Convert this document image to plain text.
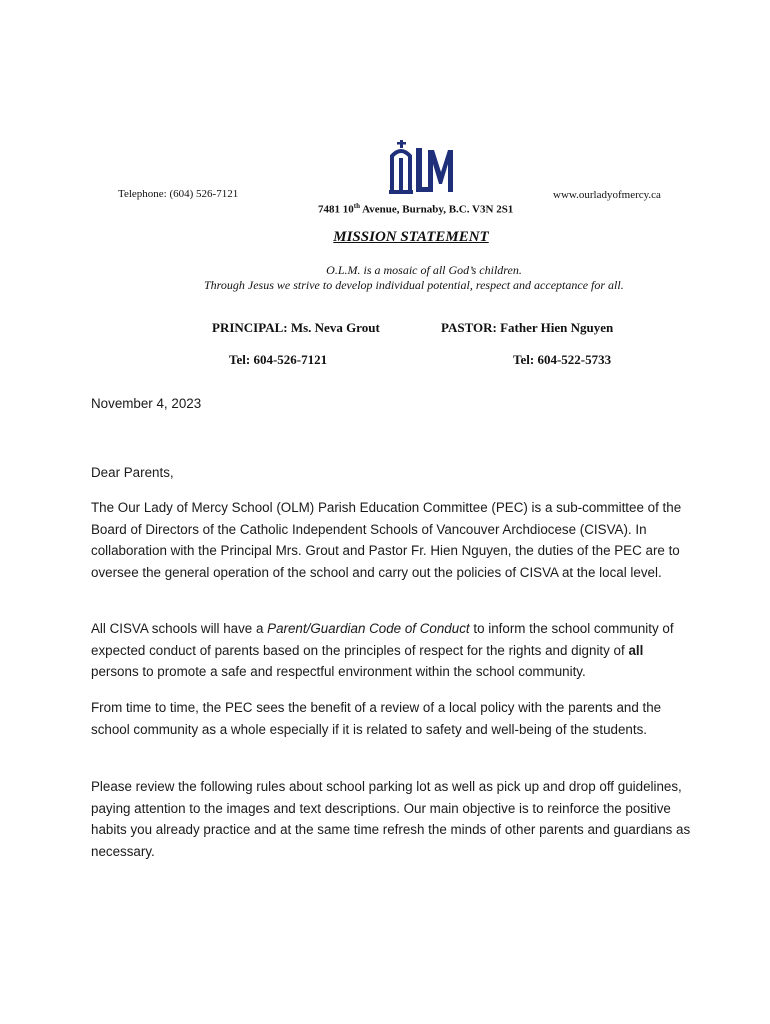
OLM
Telephone: (604) 526-7121	www.ourladyofmercy.ca
7481 10th Avenue, Burnaby, B.C. V3N 2S1
MISSION STATEMENT
O.L.M. is a mosaic of all God’s children.
Through Jesus we strive to develop individual potential, respect and acceptance for all.
PRINCIPAL: Ms. Neva Grout	PASTOR: Father Hien Nguyen
Tel: 604-526-7121	Tel: 604-522-5733
November 4, 2023
Dear Parents,
The Our Lady of Mercy School (OLM) Parish Education Committee (PEC) is a sub-committee of the Board of Directors of the Catholic Independent Schools of Vancouver Archdiocese (CISVA). In collaboration with the Principal Mrs. Grout and Pastor Fr. Hien Nguyen, the duties of the PEC are to oversee the general operation of the school and carry out the policies of CISVA at the local level.
All CISVA schools will have a Parent/Guardian Code of Conduct to inform the school community of expected conduct of parents based on the principles of respect for the rights and dignity of all persons to promote a safe and respectful environment within the school community.
From time to time, the PEC sees the benefit of a review of a local policy with the parents and the school community as a whole especially if it is related to safety and well-being of the students.
Please review the following rules about school parking lot as well as pick up and drop off guidelines, paying attention to the images and text descriptions. Our main objective is to reinforce the positive habits you already practice and at the same time refresh the minds of other parents and guardians as necessary.
